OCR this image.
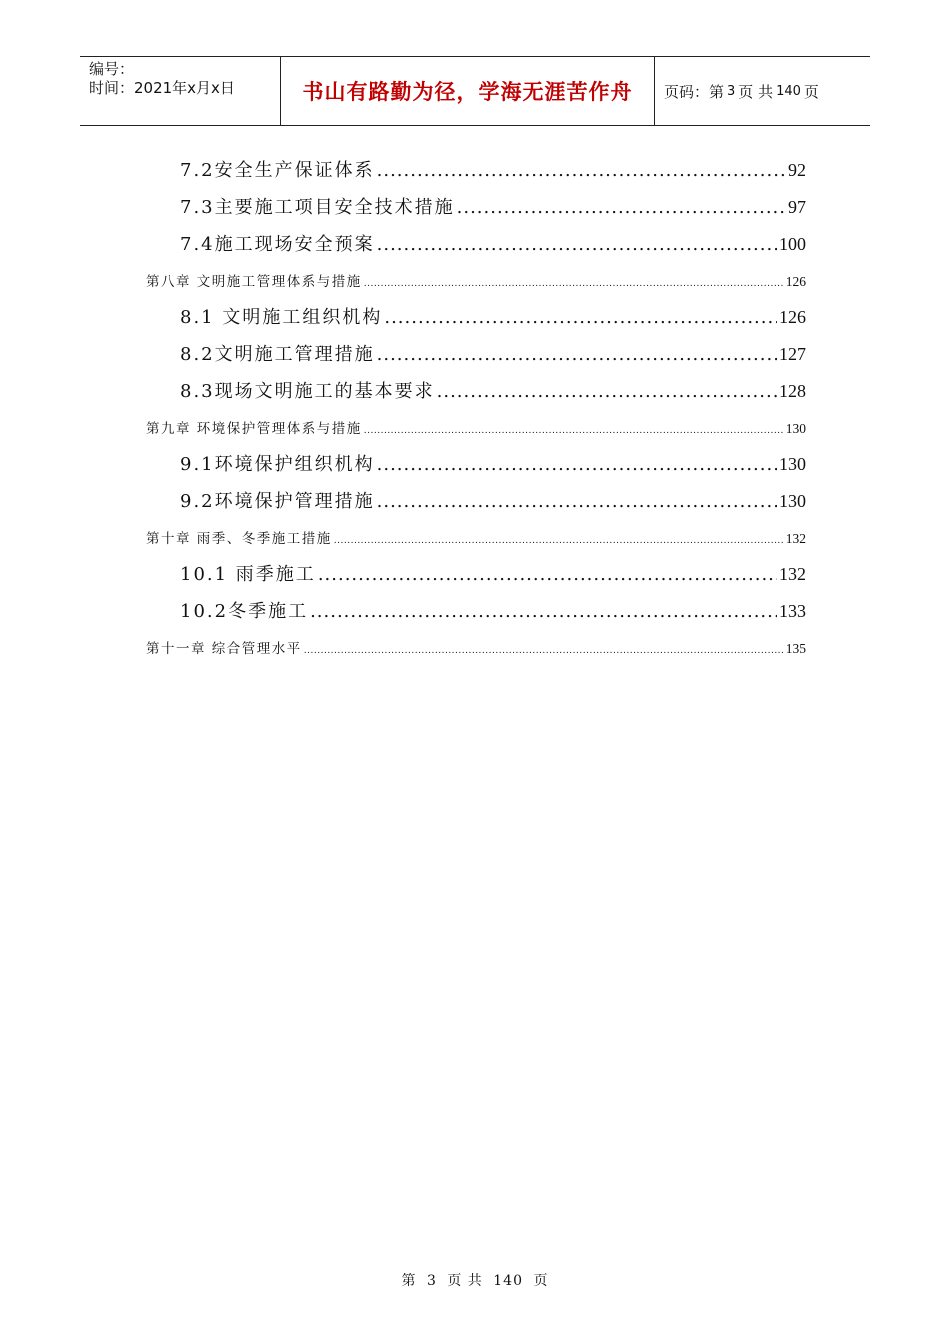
编号：
时间：2021年x月x日	书山有路勤为径，学海无涯苦作舟 页码：第 3 页 共 140 页
7.2安全生产保证体系 .....	92
7.3主要施工项目安全技术措施 .....	97
7.4施工现场安全预案 .....	100
第八章 文明施工管理体系与措施 .....	126
8.1 文明施工组织机构 .....	126
8.2文明施工管理措施 .....	127
8.3现场文明施工的基本要求 .....	128
第九章 环境保护管理体系与措施 .....	130
9.1环境保护组织机构 .....	130
9.2环境保护管理措施 .....	130
第十章 雨季、冬季施工措施 .....	132
10.1 雨季施工 .....	132
10.2冬季施工 .....	133
第十一章 综合管理水平 .....	135
第 3 页 共 140 页
